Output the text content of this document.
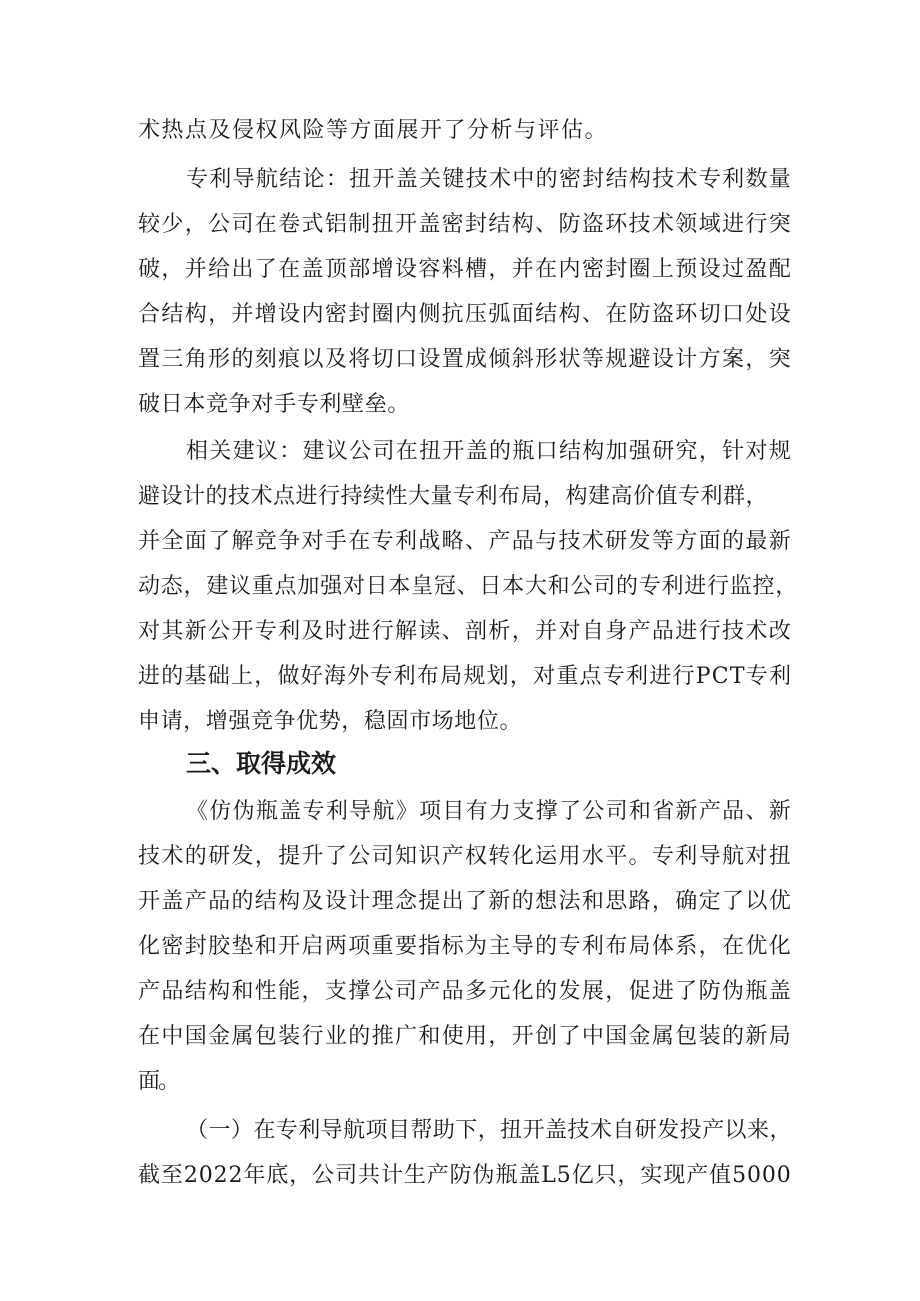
术热点及侵权风险等方面展开了分析与评估。
专利导航结论：扭开盖关键技术中的密封结构技术专利数量
较少，公司在卷式铝制扭开盖密封结构、防盗环技术领域进行突
破，并给出了在盖顶部增设容料槽，并在内密封圈上预设过盈配
合结构，并增设内密封圈内侧抗压弧面结构、在防盗环切口处设
置三角形的刻痕以及将切口设置成倾斜形状等规避设计方案，突
破日本竞争对手专利壁垒。
相关建议：建议公司在扭开盖的瓶口结构加强研究，针对规
避设计的技术点进行持续性大量专利布局，构建高价值专利群，
并全面了解竞争对手在专利战略、产品与技术研发等方面的最新
动态，建议重点加强对日本皇冠、日本大和公司的专利进行监控，
对其新公开专利及时进行解读、剖析，并对自身产品进行技术改
进的基础上，做好海外专利布局规划，对重点专利进行PCT专利
申请，增强竞争优势，稳固市场地位。
三、取得成效
《仿伪瓶盖专利导航》项目有力支撑了公司和省新产品、新
技术的研发，提升了公司知识产权转化运用水平。专利导航对扭
开盖产品的结构及设计理念提出了新的想法和思路，确定了以优
化密封胶垫和开启两项重要指标为主导的专利布局体系，在优化
产品结构和性能，支撑公司产品多元化的发展，促进了防伪瓶盖
在中国金属包装行业的推广和使用，开创了中国金属包装的新局
面。
（一）在专利导航项目帮助下，扭开盖技术自研发投产以来，
截至2022年底，公司共计生产防伪瓶盖L5亿只，实现产值5000
